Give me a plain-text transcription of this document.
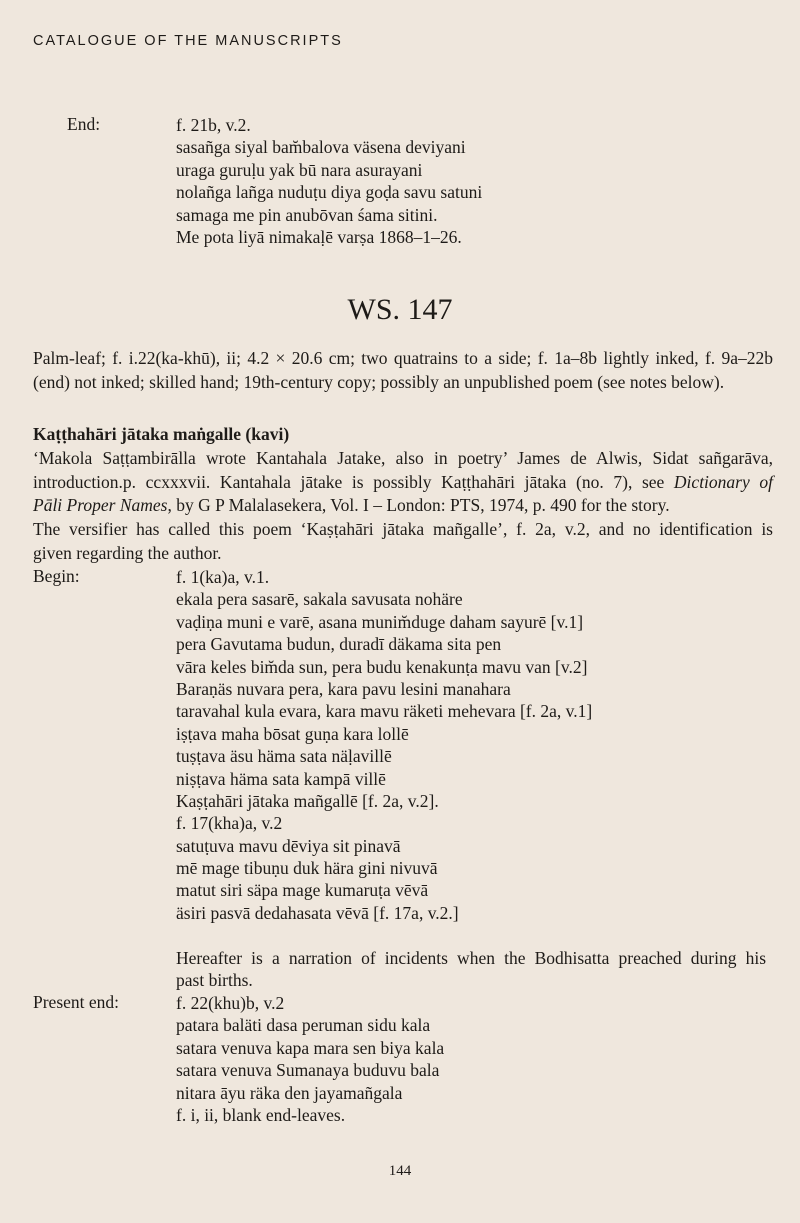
CATALOGUE OF THE MANUSCRIPTS
End:	f. 21b, v.2.
sasañga siyal bam̆balova väsena deviyani
uraga guruḷu yak bū nara asurayani
nolañga lañga nuduṭu diya goḍa savu satuni
samaga me pin anubōvan śama sitini.
Me pota liyā nimakaḷē varṣa 1868–1–26.
WS. 147
Palm-leaf; f. i.22(ka-khū), ii; 4.2 × 20.6 cm; two quatrains to a side; f. 1a–8b lightly inked, f. 9a–22b
(end) not inked; skilled hand; 19th-century copy; possibly an unpublished poem (see notes below).
Kaṭṭhahāri jātaka maṅgalle (kavi)
‘Makola Saṭṭambirālla wrote Kantahala Jatake, also in poetry’ James de Alwis, Sidat sañgarāva,
introduction.p. ccxxxvii. Kantahala jātake is possibly Kaṭṭhahāri jātaka (no. 7), see Dictionary of
Pāli Proper Names, by G P Malalasekera, Vol. I – London: PTS, 1974, p. 490 for the story.
The versifier has called this poem ‘Kaṣṭahāri jātaka mañgalle’, f. 2a, v.2, and no identification is
given regarding the author.
Begin:	f. 1(ka)a, v.1.
ekala pera sasarē, sakala savusata nohäre
vaḍiṇa muni e varē, asana munim̆duge daham sayurē [v.1]
pera Gavutama budun, duradī däkama sita pen
vāra keles bim̆da sun, pera budu kenakunṭa mavu van [v.2]
Baraṇäs nuvara pera, kara pavu lesini manahara
taravahal kula evara, kara mavu räketi mehevara [f. 2a, v.1]
iṣṭava maha bōsat guṇa kara lollē
tuṣṭava äsu häma sata näḷavillē
niṣṭava häma sata kampā villē
Kaṣṭahāri jātaka mañgallē [f. 2a, v.2].
f. 17(kha)a, v.2
satuṭuva mavu dēviya sit pinavā
mē mage tibuṇu duk hära gini nivuvā
matut siri säpa mage kumaruṭa vēvā
äsiri pasvā dedahasata vēvā [f. 17a, v.2.]
Hereafter is a narration of incidents when the Bodhisatta preached during his
past births.
Present end:	f. 22(khu)b, v.2
patara baläti dasa peruman sidu kala
satara venuva kapa mara sen biya kala
satara venuva Sumanaya buduvu bala
nitara āyu räka den jayamañgala
f. i, ii, blank end-leaves.
144
